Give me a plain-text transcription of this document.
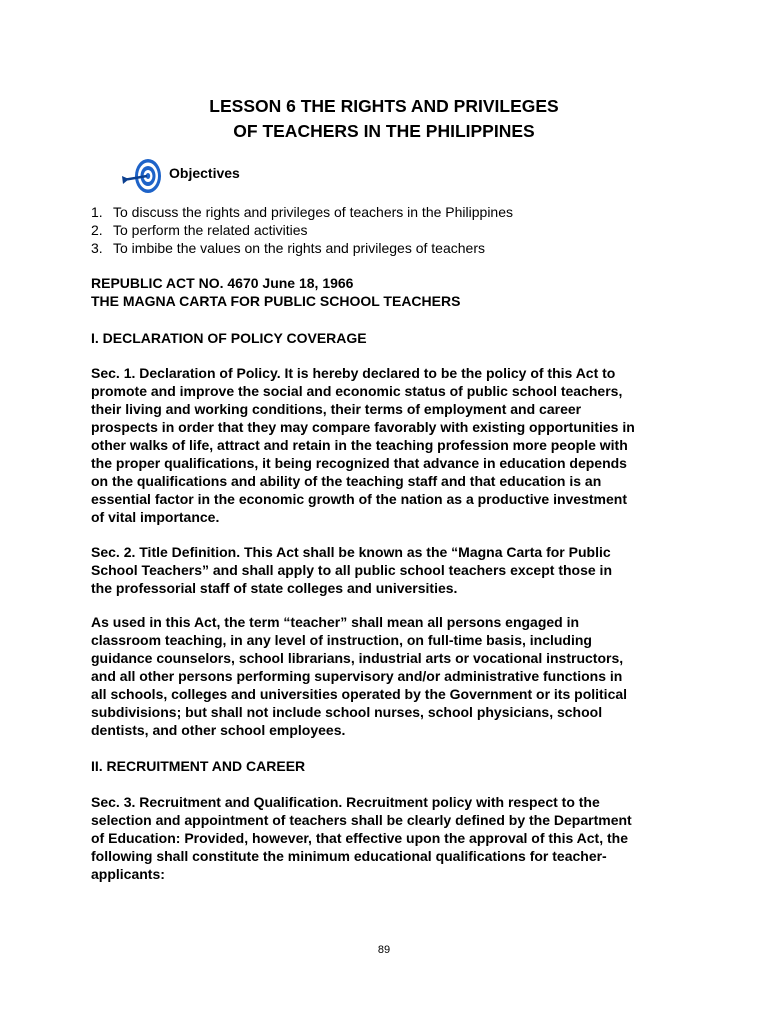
LESSON 6 THE RIGHTS AND PRIVILEGES
OF TEACHERS IN THE PHILIPPINES
Objectives
1. To discuss the rights and privileges of teachers in the Philippines
2. To perform the related activities
3. To imbibe the values on the rights and privileges of teachers

REPUBLIC ACT NO. 4670 June 18, 1966
THE MAGNA CARTA FOR PUBLIC SCHOOL TEACHERS

I. DECLARATION OF POLICY COVERAGE

Sec. 1. Declaration of Policy. It is hereby declared to be the policy of this Act to
promote and improve the social and economic status of public school teachers,
their living and working conditions, their terms of employment and career
prospects in order that they may compare favorably with existing opportunities in
other walks of life, attract and retain in the teaching profession more people with
the proper qualifications, it being recognized that advance in education depends
on the qualifications and ability of the teaching staff and that education is an
essential factor in the economic growth of the nation as a productive investment
of vital importance.

Sec. 2. Title Definition. This Act shall be known as the “Magna Carta for Public
School Teachers” and shall apply to all public school teachers except those in
the professorial staff of state colleges and universities.

As used in this Act, the term “teacher” shall mean all persons engaged in
classroom teaching, in any level of instruction, on full-time basis, including
guidance counselors, school librarians, industrial arts or vocational instructors,
and all other persons performing supervisory and/or administrative functions in
all schools, colleges and universities operated by the Government or its political
subdivisions; but shall not include school nurses, school physicians, school
dentists, and other school employees.

II. RECRUITMENT AND CAREER

Sec. 3. Recruitment and Qualification. Recruitment policy with respect to the
selection and appointment of teachers shall be clearly defined by the Department
of Education: Provided, however, that effective upon the approval of this Act, the
following shall constitute the minimum educational qualifications for teacher-
applicants:

89
